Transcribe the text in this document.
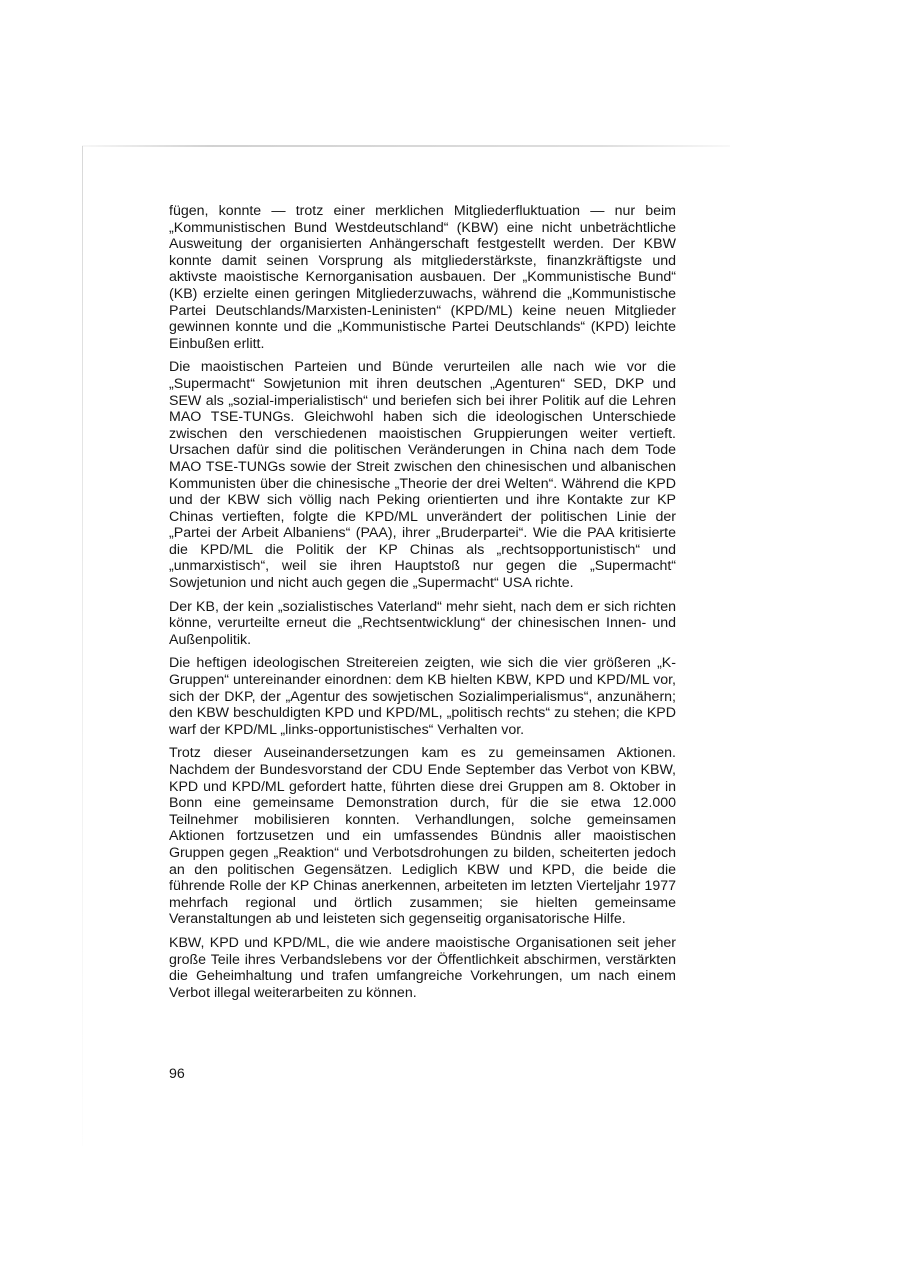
fügen, konnte — trotz einer merklichen Mitgliederfluktuation — nur beim „Kommunistischen Bund Westdeutschland“ (KBW) eine nicht unbeträchtliche Ausweitung der organisierten Anhängerschaft festgestellt werden. Der KBW konnte damit seinen Vorsprung als mitgliederstärkste, finanzkräftigste und aktivste maoistische Kernorganisation ausbauen. Der „Kommunistische Bund“ (KB) erzielte einen geringen Mitgliederzuwachs, während die „Kommunistische Partei Deutschlands/Marxisten-Leninisten“ (KPD/ML) keine neuen Mitglieder gewinnen konnte und die „Kommunistische Partei Deutschlands“ (KPD) leichte Einbußen erlitt.

Die maoistischen Parteien und Bünde verurteilen alle nach wie vor die „Supermacht“ Sowjetunion mit ihren deutschen „Agenturen“ SED, DKP und SEW als „sozial-imperialistisch“ und beriefen sich bei ihrer Politik auf die Lehren MAO TSE-TUNGs. Gleichwohl haben sich die ideologischen Unterschiede zwischen den verschiedenen maoistischen Gruppierungen weiter vertieft. Ursachen dafür sind die politischen Veränderungen in China nach dem Tode MAO TSE-TUNGs sowie der Streit zwischen den chinesischen und albanischen Kommunisten über die chinesische „Theorie der drei Welten“. Während die KPD und der KBW sich völlig nach Peking orientierten und ihre Kontakte zur KP Chinas vertieften, folgte die KPD/ML unverändert der politischen Linie der „Partei der Arbeit Albaniens“ (PAA), ihrer „Bruderpartei“. Wie die PAA kritisierte die KPD/ML die Politik der KP Chinas als „rechtsopportunistisch“ und „unmarxistisch“, weil sie ihren Hauptstoß nur gegen die „Supermacht“ Sowjetunion und nicht auch gegen die „Supermacht“ USA richte.

Der KB, der kein „sozialistisches Vaterland“ mehr sieht, nach dem er sich richten könne, verurteilte erneut die „Rechtsentwicklung“ der chinesischen Innen- und Außenpolitik.

Die heftigen ideologischen Streitereien zeigten, wie sich die vier größeren „K-Gruppen“ untereinander einordnen: dem KB hielten KBW, KPD und KPD/ML vor, sich der DKP, der „Agentur des sowjetischen Sozialimperialismus“, anzunähern; den KBW beschuldigten KPD und KPD/ML, „politisch rechts“ zu stehen; die KPD warf der KPD/ML „links-opportunistisches“ Verhalten vor.

Trotz dieser Auseinandersetzungen kam es zu gemeinsamen Aktionen. Nachdem der Bundesvorstand der CDU Ende September das Verbot von KBW, KPD und KPD/ML gefordert hatte, führten diese drei Gruppen am 8. Oktober in Bonn eine gemeinsame Demonstration durch, für die sie etwa 12.000 Teilnehmer mobilisieren konnten. Verhandlungen, solche gemeinsamen Aktionen fortzusetzen und ein umfassendes Bündnis aller maoistischen Gruppen gegen „Reaktion“ und Verbotsdrohungen zu bilden, scheiterten jedoch an den politischen Gegensätzen. Lediglich KBW und KPD, die beide die führende Rolle der KP Chinas anerkennen, arbeiteten im letzten Vierteljahr 1977 mehrfach regional und örtlich zusammen; sie hielten gemeinsame Veranstaltungen ab und leisteten sich gegenseitig organisatorische Hilfe.

KBW, KPD und KPD/ML, die wie andere maoistische Organisationen seit jeher große Teile ihres Verbandslebens vor der Öffentlichkeit abschirmen, verstärkten die Geheimhaltung und trafen umfangreiche Vorkehrungen, um nach einem Verbot illegal weiterarbeiten zu können.

96
